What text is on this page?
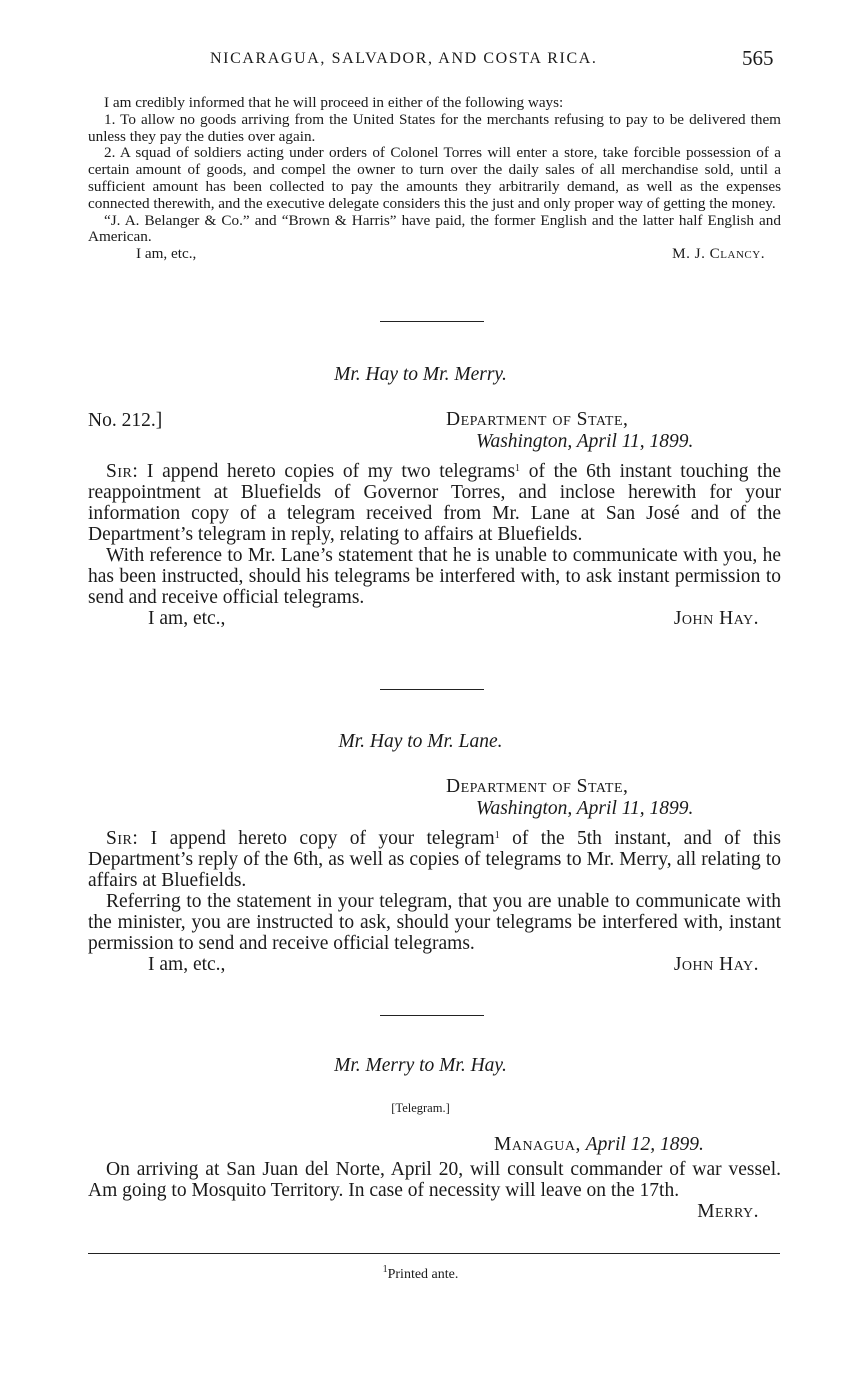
NICARAGUA, SALVADOR, AND COSTA RICA.	565

I am credibly informed that he will proceed in either of the following ways:

1. To allow no goods arriving from the United States for the merchants refusing to pay to be delivered them unless they pay the duties over again.

2. A squad of soldiers acting under orders of Colonel Torres will enter a store, take forcible possession of a certain amount of goods, and compel the owner to turn over the daily sales of all merchandise sold, until a sufficient amount has been collected to pay the amounts they arbitrarily demand, as well as the expenses connected therewith, and the executive delegate considers this the just and only proper way of getting the money.

“J. A. Belanger & Co.” and “Brown & Harris” have paid, the former English and the latter half English and American.

I am, etc.,	M. J. Clancy.
Mr. Hay to Mr. Merry.
No. 212.]	Department of State,
Washington, April 11, 1899.

Sir: I append hereto copies of my two telegrams$^1$ of the 6th instant touching the reappointment at Bluefields of Governor Torres, and inclose herewith for your information copy of a telegram received from Mr. Lane at San José and of the Department’s telegram in reply, relating to affairs at Bluefields.

With reference to Mr. Lane’s statement that he is unable to communicate with you, he has been instructed, should his telegrams be interfered with, to ask instant permission to send and receive official telegrams.

I am, etc.,	John Hay.
Mr. Hay to Mr. Lane.
Department of State,
Washington, April 11, 1899.

Sir: I append hereto copy of your telegram$^1$ of the 5th instant, and of this Department’s reply of the 6th, as well as copies of telegrams to Mr. Merry, all relating to affairs at Bluefields.

Referring to the statement in your telegram, that you are unable to communicate with the minister, you are instructed to ask, should your telegrams be interfered with, instant permission to send and receive official telegrams.

I am, etc.,	John Hay.
Mr. Merry to Mr. Hay.
[Telegram.]
Managua, April 12, 1899.

On arriving at San Juan del Norte, April 20, will consult commander of war vessel. Am going to Mosquito Territory. In case of necessity will leave on the 17th.

Merry.
$^1$Printed ante.
